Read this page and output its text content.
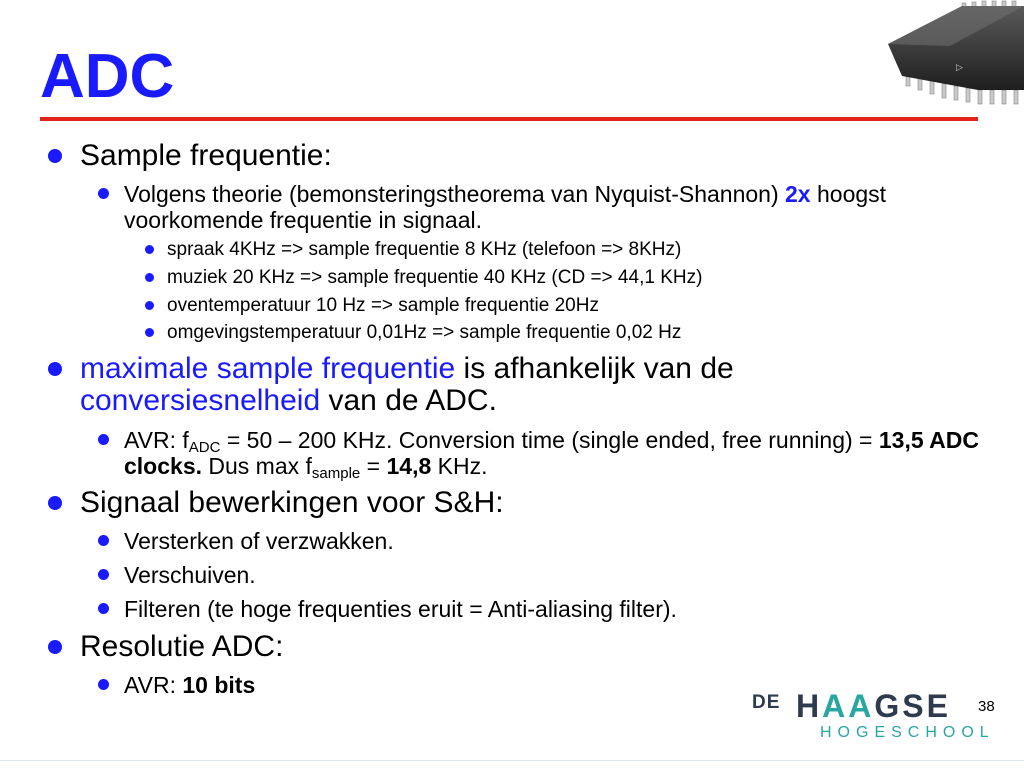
ADC	▷
Sample frequentie:
Volgens theorie (bemonsteringstheorema van Nyquist-Shannon) 2x hoogst voorkomende frequentie in signaal.
spraak 4KHz => sample frequentie 8 KHz (telefoon => 8KHz)
muziek 20 KHz => sample frequentie 40 KHz (CD => 44,1 KHz)
oventemperatuur 10 Hz => sample frequentie 20Hz
omgevingstemperatuur 0,01Hz => sample frequentie 0,02 Hz
maximale sample frequentie is afhankelijk van de conversiesnelheid van de ADC.
AVR: $f_{ADC} = 50 - 200$ KHz. Conversion time (single ended, free running) = 13,5 ADC clocks. Dus $\max f_{sample} = 14,8$ KHz.
Signaal bewerkingen voor S&H:
Versterken of verzwakken.
Verschuiven.
Filteren (te hoge frequenties eruit = Anti-aliasing filter).
Resolutie ADC:
AVR: 10 bits
DE HAAGSE
HOGESCHOOL
38
